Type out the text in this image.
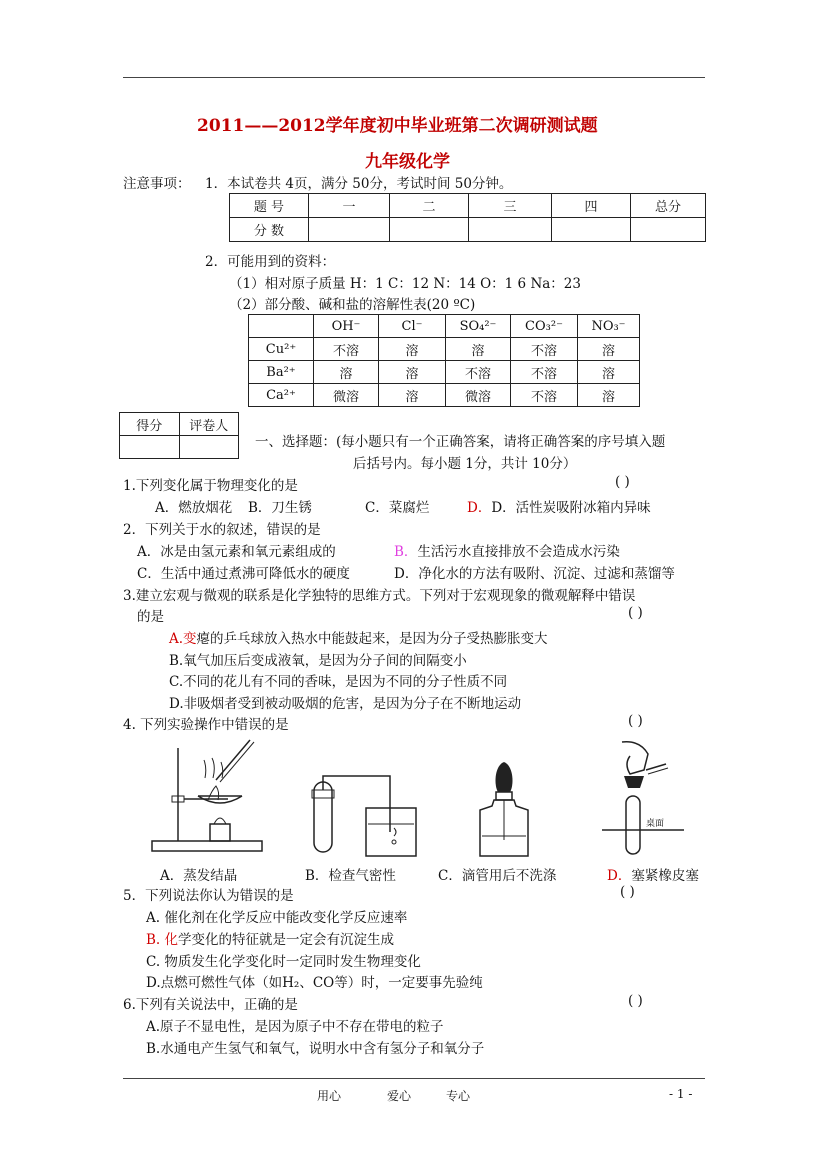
2011——2012学年度初中毕业班第二次调研测试题
九年级化学
注意事项： 1．本试卷共 4页，满分 50分，考试时间 50分钟。
题 号	一	二	三	四	总分
分 数					
2．可能用到的资料：
（1）相对原子质量 H：1 C：12 N：14 O：1 6 Na：23
（2）部分酸、碱和盐的溶解性表(20 ºC)
	OH⁻	Cl⁻	SO₄²⁻	CO₃²⁻	NO₃⁻
Cu²⁺	不溶	溶	溶	不溶	溶
Ba²⁺	溶	溶	不溶	不溶	溶
Ca²⁺	微溶	溶	微溶	不溶	溶
得分	评卷人

一、选择题：(每小题只有一个正确答案，请将正确答案的序号填入题
后括号内。每小题 1分，共计 10分）
1.下列变化属于物理变化的是	( )
A．燃放烟花 B．刀生锈	C．菜腐烂	D．D．活性炭吸附冰箱内异味
2．下列关于水的叙述，错误的是
A．冰是由氢元素和氧元素组成的	B．生活污水直接排放不会造成水污染
C．生活中通过煮沸可降低水的硬度	D．净化水的方法有吸附、沉淀、过滤和蒸馏等
3.建立宏观与微观的联系是化学独特的思维方式。下列对于宏观现象的微观解释中错误
的是	( )
A.变瘪的乒乓球放入热水中能鼓起来，是因为分子受热膨胀变大
B.氧气加压后变成液氧，是因为分子间的间隔变小
C.不同的花儿有不同的香味，是因为不同的分子性质不同
D.非吸烟者受到被动吸烟的危害，是因为分子在不断地运动
4. 下列实验操作中错误的是	( )
A．蒸发结晶	B．检查气密性	C．滴管用后不洗涤
桌面
D．塞紧橡皮塞
5．下列说法你认为错误的是	( )
A. 催化剂在化学反应中能改变化学反应速率
B. 化学变化的特征就是一定会有沉淀生成
C. 物质发生化学变化时一定同时发生物理变化
D.点燃可燃性气体（如H₂、CO等）时，一定要事先验纯
6.下列有关说法中，正确的是	( )
A.原子不显电性，是因为原子中不存在带电的粒子
B.水通电产生氢气和氧气，说明水中含有氢分子和氧分子
用心	爱心	专心	- 1 -
